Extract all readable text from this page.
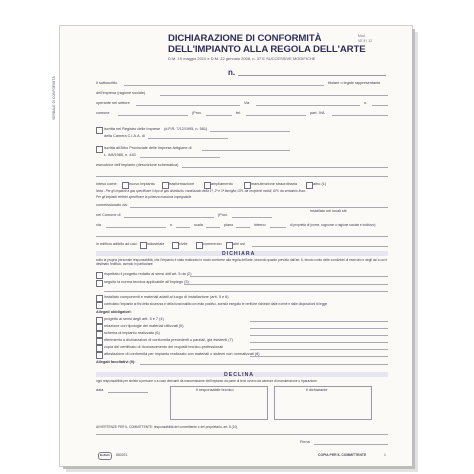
DICHIARAZIONE DI CONFORMITÀ
DELL'IMPIANTO ALLA REGOLA DELL'ARTE
D.M. 19 maggio 2010 e D.M. 22 gennaio 2008, n. 37 E SUCCESSIVE MODIFICHE
Mod.
VE 5 / 12
n.
VERBALE DI CONFORMITÀ	Il sottoscritto	titolare o legale rappresentante
dell'impresa (ragione sociale)
operante nel settore	Via	n.
comune	(Prov.	tel.	part. IVA
iscritta nel Registro delle Imprese (d.P.R. 7/12/1995, n. 581)
della Camera C.I.A.A. di
iscritta all'Albo Provinciale delle Imprese Artigiane di
L. 8/8/1985, n. 443
esecutrice dell'impianto (descrizione schematica)
inteso come:	nuovo impianto	trasformazione	ampliamento	manutenzione straordinaria	altro (1)
Nota - Per gli impianti a gas specificare il tipo di gas distribuito: canalizzato della 1ª, 2ª e 3ª famiglia; GPL da recipienti mobili; GPL da serbatoio fisso.
Per gli impianti elettrici specificare la potenza massima impegnabile
commissionato da:
installato nei locali siti
nel Comune di	(Prov.
via	n.	scala	piano	interno	di proprietà di (nome, cognome o ragione sociale e indirizzo)
in edificio adibito ad uso: industriale	civile	commercio	altri usi
DICHIARA
sotto la propria personale responsabilità, che l'impianto è stato realizzato in modo conforme alla regola dell'arte, secondo quanto previsto dall'art. 6, tenuto conto delle condizioni di esercizio e degli usi a cui è destinato l'edificio, avendo in particolare:
rispettato il progetto redatto ai sensi dell'art. 5 da (2)
seguito la norma tecnica applicabile all'impiego (3)
installato componenti e materiali adatti al luogo di installazione (artt. 5 e 6)
controllato l'impianto ai fini della sicurezza e della funzionalità con esito positivo, avendo eseguito le verifiche richieste dalle norme e dalle disposizioni di legge
Allegati obbligatori:
progetto ai sensi degli artt. 5 e 7 (4)
relazione con tipologie dei materiali utilizzati (5)
schema di impianto realizzato (6)
riferimento a dichiarazioni di conformità precedenti o parziali, già esistenti (7)
copia del certificato di riconoscimento dei requisiti tecnico-professionali
attestazione di conformità per impianto realizzato con materiali o sistemi non normalizzati (8)
Allegati facoltativi (9):
DECLINA
ogni responsabilità per sinistri a persone o a cose derivanti da manomissione dell'impianto da parte di terzi ovvero da carenze di manutenzione o riparazione.
data	Il responsabile tecnico	Il dichiarante
AVVERTENZE PER IL COMMITTENTE: responsabilità del committente o del proprietario, art. 8 (10)
Firma
Buffetti 8802E1	COPIA PER IL COMMITTENTE	1
